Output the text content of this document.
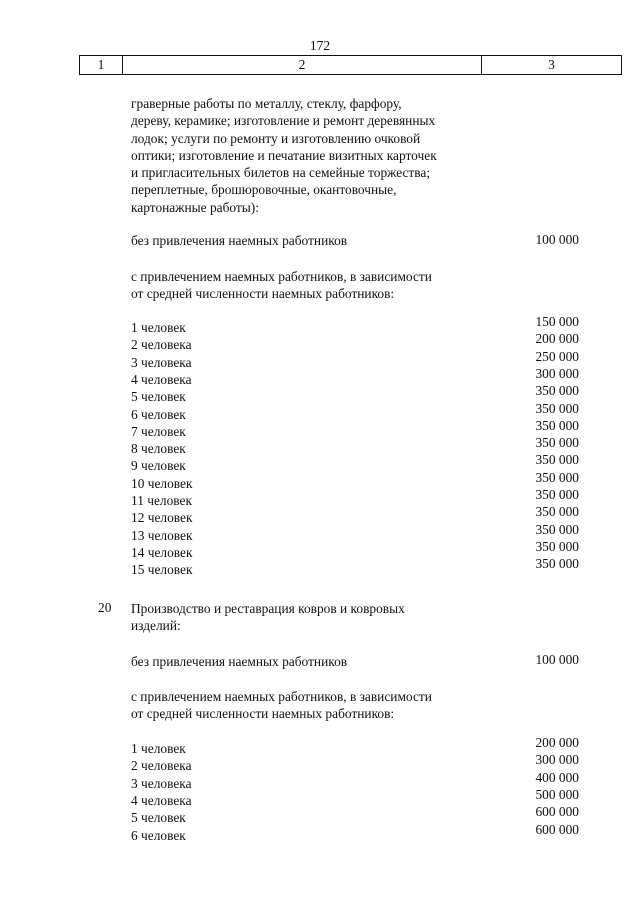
172
1	2	3
граверные работы по металлу, стеклу, фарфору,
дереву, керамике; изготовление и ремонт деревянных
лодок; услуги по ремонту и изготовлению очковой
оптики; изготовление и печатание визитных карточек
и пригласительных билетов на семейные торжества;
переплетные, брошюровочные, окантовочные,
картонажные работы):
без привлечения наемных работников	100 000
с привлечением наемных работников, в зависимости
от средней численности наемных работников:
1 человек	150 000
2 человека	200 000
3 человека	250 000
4 человека	300 000
5 человек	350 000
6 человек	350 000
7 человек	350 000
8 человек	350 000
9 человек	350 000
10 человек	350 000
11 человек	350 000
12 человек	350 000
13 человек	350 000
14 человек	350 000
15 человек	350 000
20 Производство и реставрация ковров и ковровых
изделий:
без привлечения наемных работников	100 000
с привлечением наемных работников, в зависимости
от средней численности наемных работников:
1 человек	200 000
2 человека	300 000
3 человека	400 000
4 человека	500 000
5 человек	600 000
6 человек	600 000
